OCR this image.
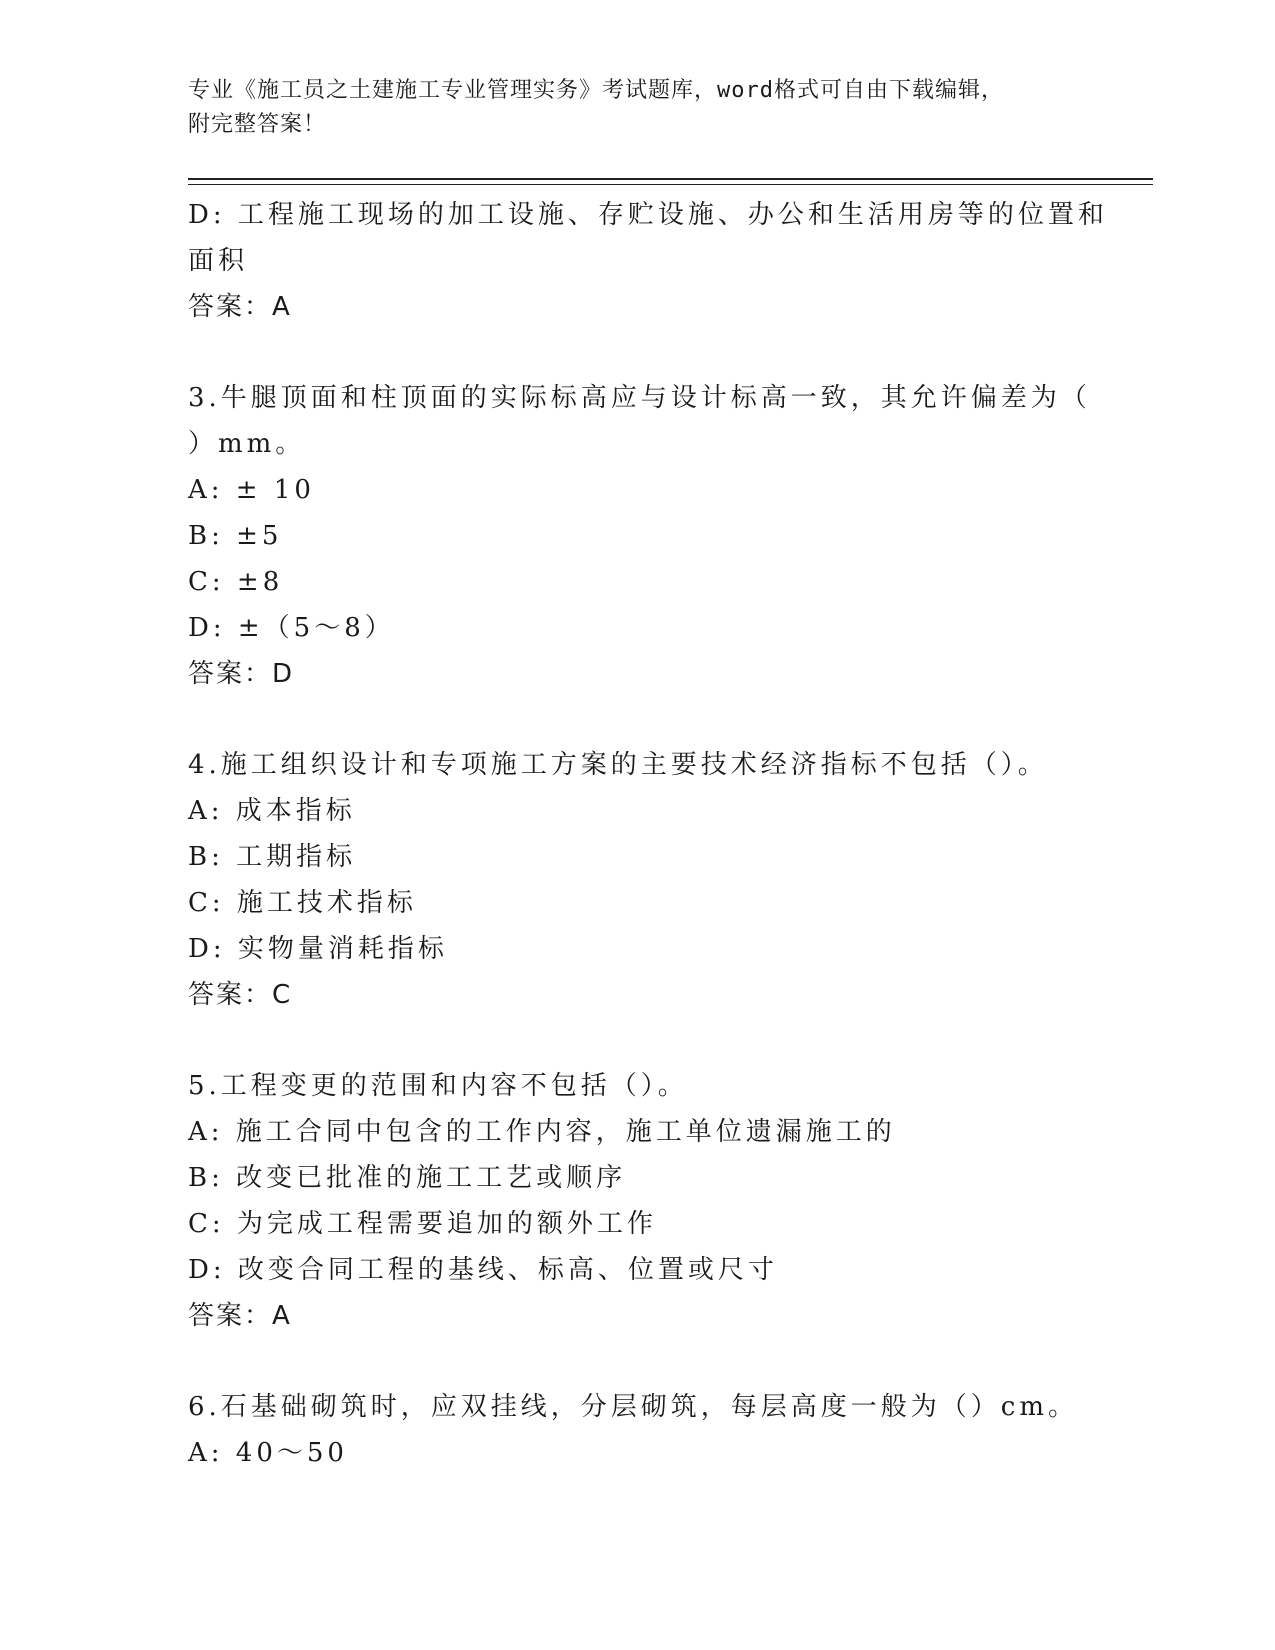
专业《施工员之土建施工专业管理实务》考试题库，word格式可自由下载编辑，
附完整答案！
D: 工程施工现场的加工设施、存贮设施、办公和生活用房等的位置和
面积
答案：A
3.牛腿顶面和柱顶面的实际标高应与设计标高一致，其允许偏差为（
）mm。
A: ± 10
B: ±5
C: ±8
D: ±（5～8）
答案：D
4.施工组织设计和专项施工方案的主要技术经济指标不包括（）。
A: 成本指标
B: 工期指标
C: 施工技术指标
D: 实物量消耗指标
答案：C
5.工程变更的范围和内容不包括（）。
A: 施工合同中包含的工作内容，施工单位遗漏施工的
B: 改变已批准的施工工艺或顺序
C: 为完成工程需要追加的额外工作
D: 改变合同工程的基线、标高、位置或尺寸
答案：A
6.石基础砌筑时，应双挂线，分层砌筑，每层高度一般为（）cm。
A: 40～50
